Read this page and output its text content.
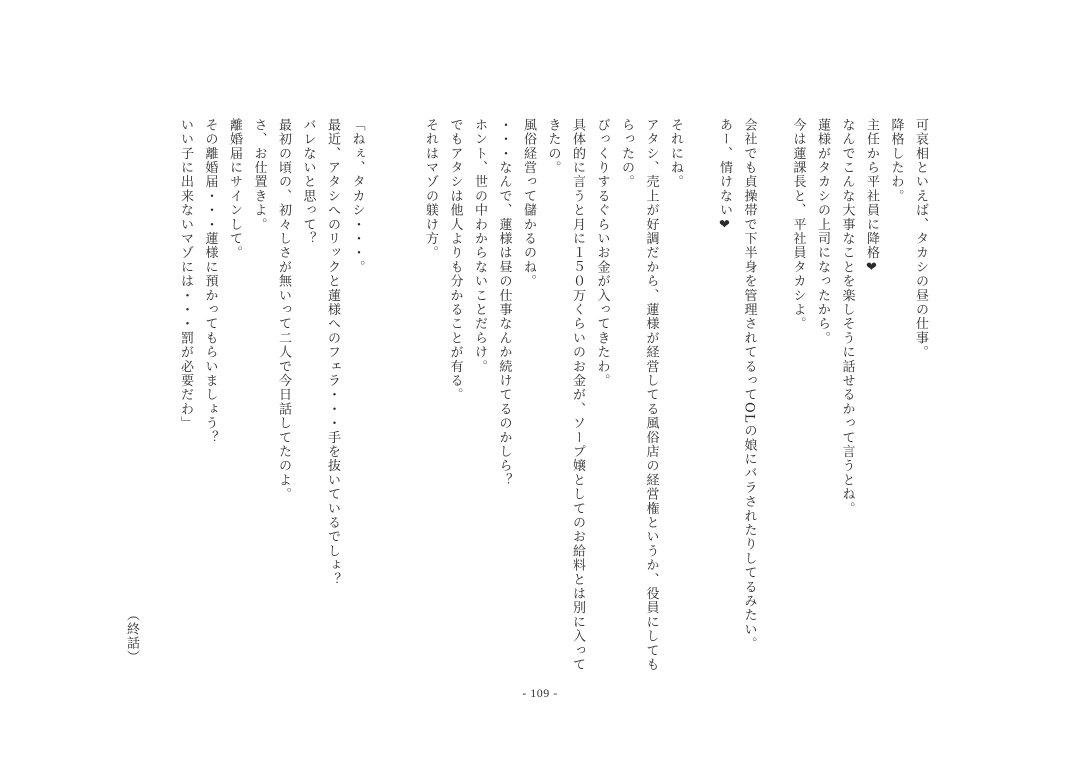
可哀相といえば、タカシの昼の仕事。
降格したわ。
主任から平社員に降格❤
なんでこんな大事なことを楽しそうに話せるかって言うとね。
蓮様がタカシの上司になったから。
今は蓮課長と、平社員タカシよ。

会社でも貞操帯で下半身を管理されてるってOLの娘にバラされたりしてるみたい。
あー、情けない❤

それにね。
アタシ、売上が好調だから、蓮様が経営してる風俗店の経営権というか、役員にしても
らったの。
びっくりするぐらいお金が入ってきたわ。
具体的に言うと月に１５０万くらいのお金が、ソープ嬢としてのお給料とは別に入って
きたの。
風俗経営って儲かるのね。
・・・なんで、蓮様は昼の仕事なんか続けてるのかしら？
ホント、世の中わからないことだらけ。
でもアタシは他人よりも分かることが有る。
それはマゾの躾け方。

「ねぇ、タカシ・・・。
最近、アタシへのリックと蓮様へのフェラ・・・手を抜いているでしょ？
バレないと思って？
最初の頃の、初々しさが無いって二人で今日話してたのよ。
さ、お仕置きよ。
離婚届にサインして。
その離婚届・・・蓮様に預かってもらいましょう？
いい子に出来ないマゾには・・・罰が必要だわ」
（終話）
- 109 -
